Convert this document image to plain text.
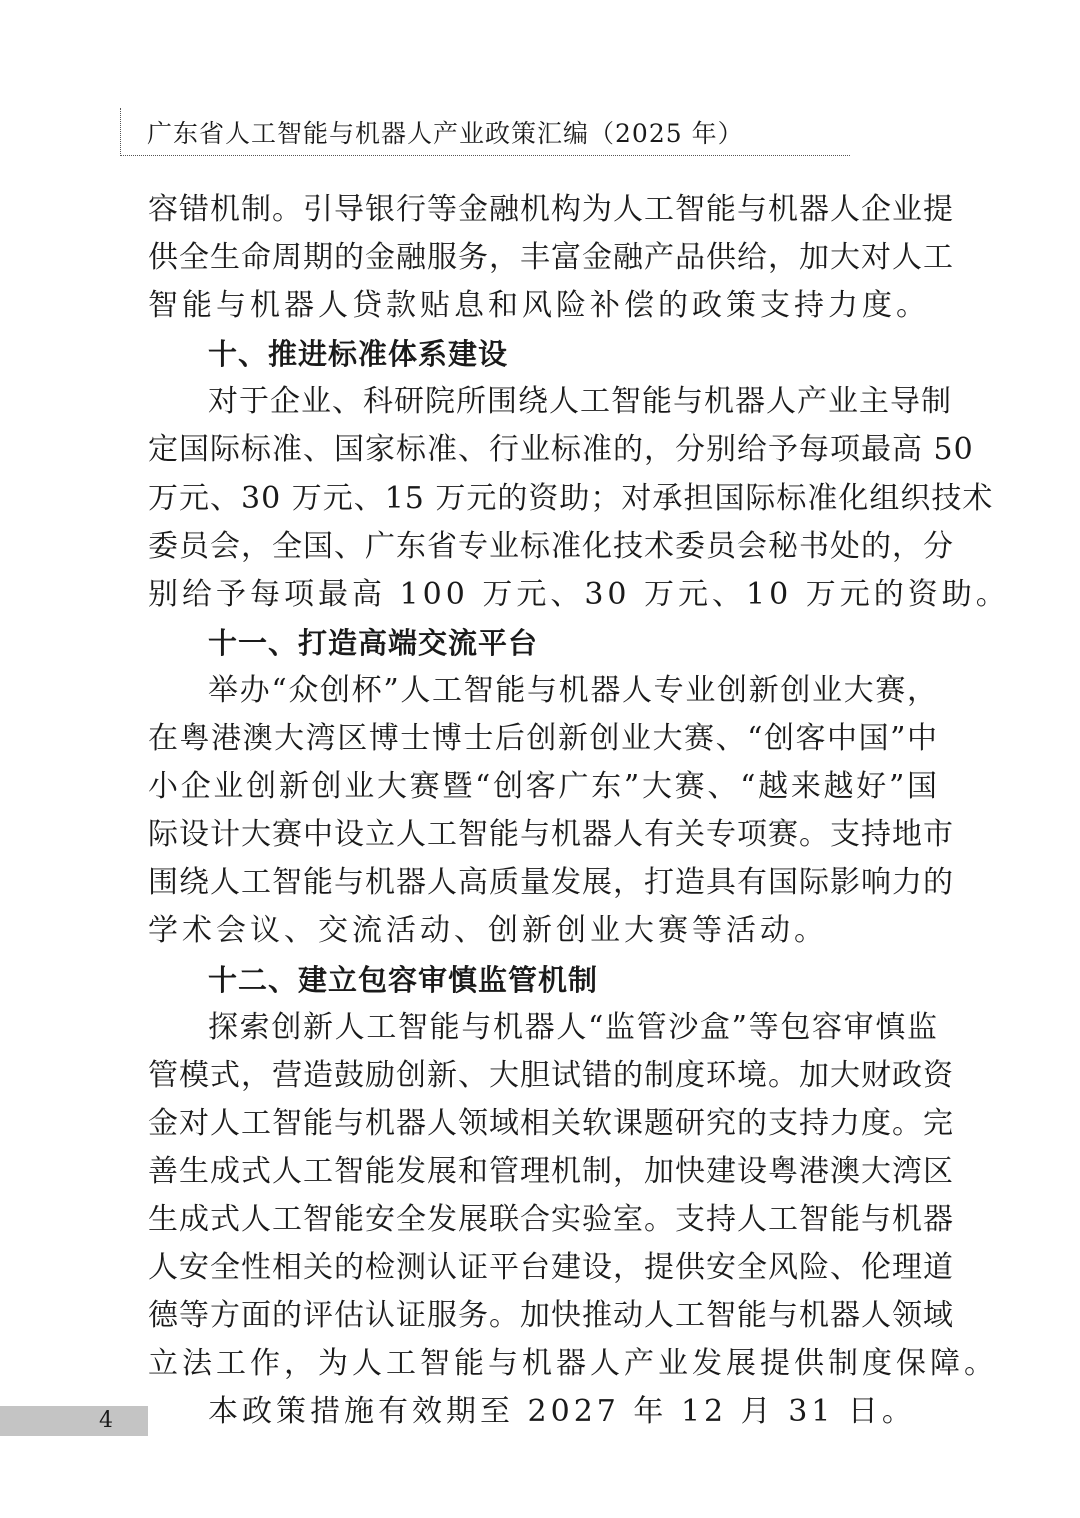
广东省人工智能与机器人产业政策汇编（2025 年）
容错机制。引导银行等金融机构为人工智能与机器人企业提
供全生命周期的金融服务，丰富金融产品供给，加大对人工
智能与机器人贷款贴息和风险补偿的政策支持力度。
十、推进标准体系建设
对于企业、科研院所围绕人工智能与机器人产业主导制
定国际标准、国家标准、行业标准的，分别给予每项最高 50
万元、30 万元、15 万元的资助；对承担国际标准化组织技术
委员会，全国、广东省专业标准化技术委员会秘书处的，分
别给予每项最高 100 万元、30 万元、10 万元的资助。
十一、打造高端交流平台
举办“众创杯”人工智能与机器人专业创新创业大赛，
在粤港澳大湾区博士博士后创新创业大赛、“创客中国”中
小企业创新创业大赛暨“创客广东”大赛、“越来越好”国
际设计大赛中设立人工智能与机器人有关专项赛。支持地市
围绕人工智能与机器人高质量发展，打造具有国际影响力的
学术会议、交流活动、创新创业大赛等活动。
十二、建立包容审慎监管机制
探索创新人工智能与机器人“监管沙盒”等包容审慎监
管模式，营造鼓励创新、大胆试错的制度环境。加大财政资
金对人工智能与机器人领域相关软课题研究的支持力度。完
善生成式人工智能发展和管理机制，加快建设粤港澳大湾区
生成式人工智能安全发展联合实验室。支持人工智能与机器
人安全性相关的检测认证平台建设，提供安全风险、伦理道
德等方面的评估认证服务。加快推动人工智能与机器人领域
立法工作，为人工智能与机器人产业发展提供制度保障。
本政策措施有效期至 2027 年 12 月 31 日。
4
